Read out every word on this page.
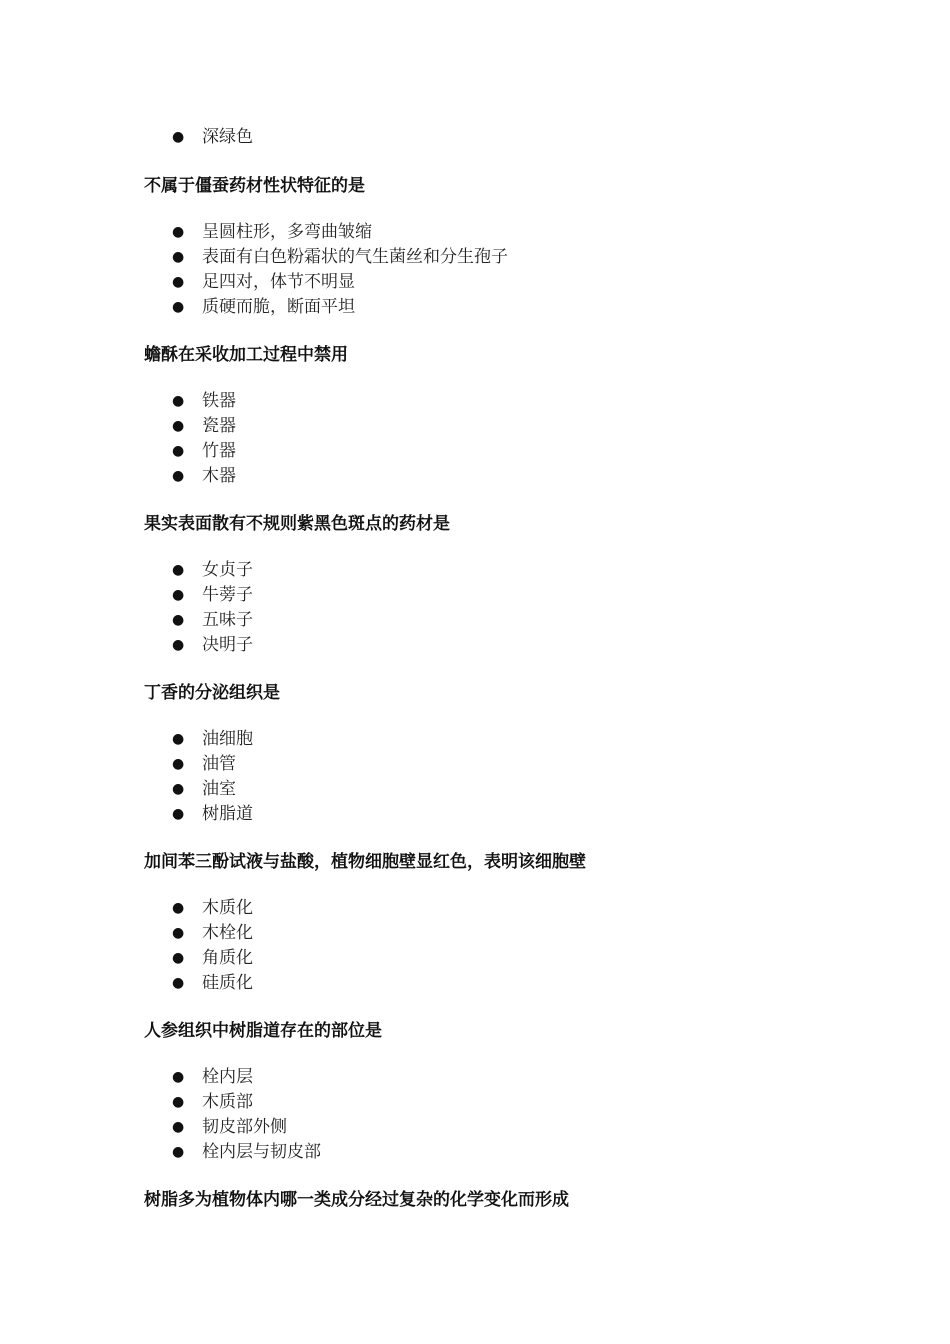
● 深绿色

不属于僵蚕药材性状特征的是

● 呈圆柱形，多弯曲皱缩
● 表面有白色粉霜状的气生菌丝和分生孢子
● 足四对，体节不明显
● 质硬而脆，断面平坦

蟾酥在采收加工过程中禁用

● 铁器
● 瓷器
● 竹器
● 木器

果实表面散有不规则紫黑色斑点的药材是

● 女贞子
● 牛蒡子
● 五味子
● 决明子

丁香的分泌组织是

● 油细胞
● 油管
● 油室
● 树脂道

加间苯三酚试液与盐酸，植物细胞壁显红色，表明该细胞壁

● 木质化
● 木栓化
● 角质化
● 硅质化

人参组织中树脂道存在的部位是

● 栓内层
● 木质部
● 韧皮部外侧
● 栓内层与韧皮部

树脂多为植物体内哪一类成分经过复杂的化学变化而形成
